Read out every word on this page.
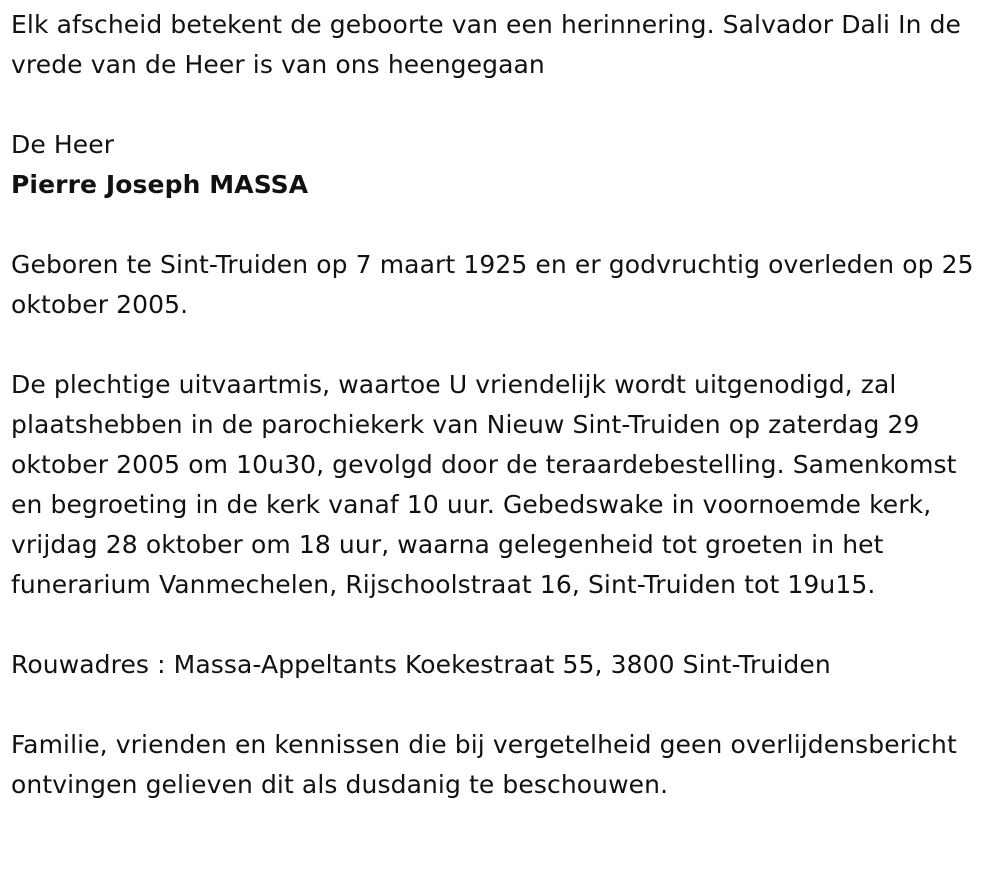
Elk afscheid betekent de geboorte van een herinnering. Salvador Dali In de vrede van de Heer is van ons heengegaan

De Heer

Pierre Joseph MASSA

Geboren te Sint-Truiden op 7 maart 1925 en er godvruchtig overleden op 25 oktober 2005.

De plechtige uitvaartmis, waartoe U vriendelijk wordt uitgenodigd, zal plaatshebben in de parochiekerk van Nieuw Sint-Truiden op zaterdag 29 oktober 2005 om 10u30, gevolgd door de teraardebestelling. Samenkomst en begroeting in de kerk vanaf 10 uur. Gebedswake in voornoemde kerk, vrijdag 28 oktober om 18 uur, waarna gelegenheid tot groeten in het funerarium Vanmechelen, Rijschoolstraat 16, Sint-Truiden tot 19u15.

Rouwadres : Massa-Appeltants Koekestraat 55, 3800 Sint-Truiden

Familie, vrienden en kennissen die bij vergetelheid geen overlijdensbericht ontvingen gelieven dit als dusdanig te beschouwen.
